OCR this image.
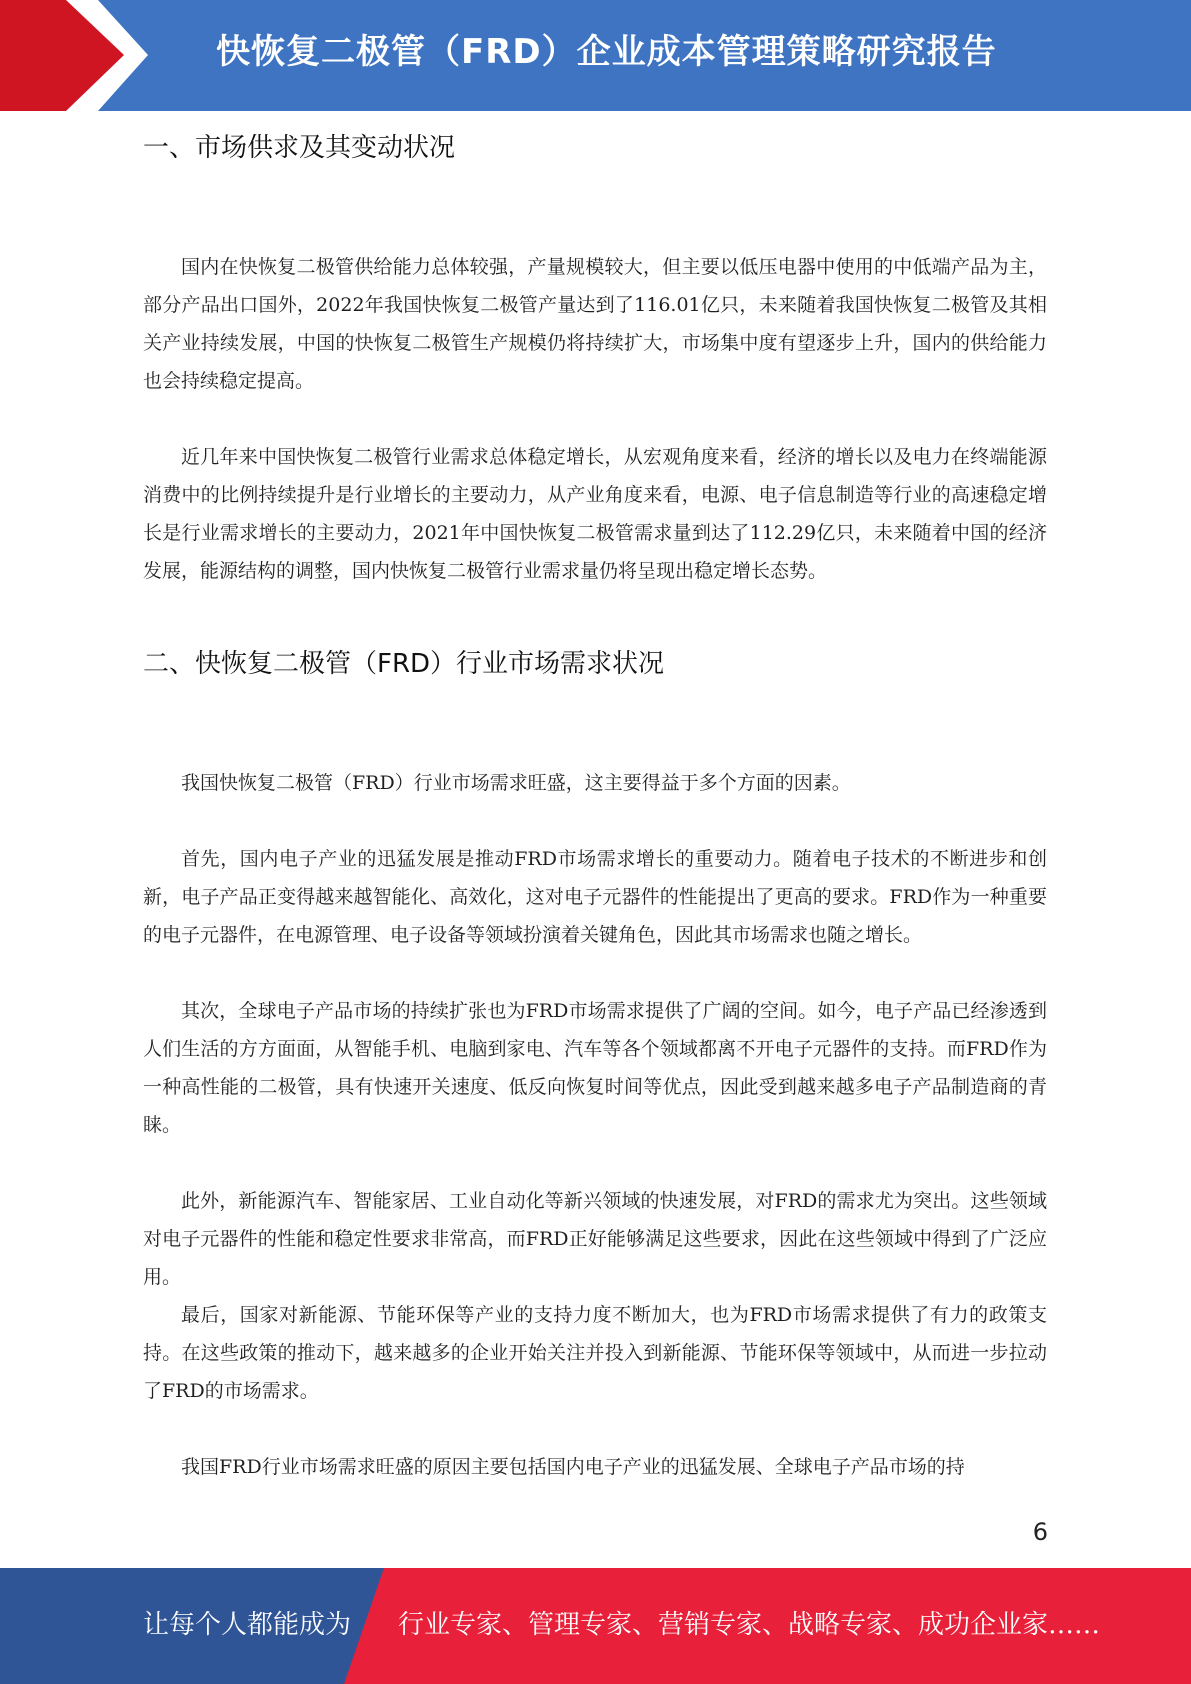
快恢复二极管（FRD）企业成本管理策略研究报告
一、市场供求及其变动状况

国内在快恢复二极管供给能力总体较强，产量规模较大，但主要以低压电器中使用的中低端产品为主，部分产品出口国外，2022年我国快恢复二极管产量达到了116.01亿只，未来随着我国快恢复二极管及其相关产业持续发展，中国的快恢复二极管生产规模仍将持续扩大，市场集中度有望逐步上升，国内的供给能力也会持续稳定提高。

近几年来中国快恢复二极管行业需求总体稳定增长，从宏观角度来看，经济的增长以及电力在终端能源消费中的比例持续提升是行业增长的主要动力，从产业角度来看，电源、电子信息制造等行业的高速稳定增长是行业需求增长的主要动力，2021年中国快恢复二极管需求量到达了112.29亿只，未来随着中国的经济发展，能源结构的调整，国内快恢复二极管行业需求量仍将呈现出稳定增长态势。

二、快恢复二极管（FRD）行业市场需求状况

我国快恢复二极管（FRD）行业市场需求旺盛，这主要得益于多个方面的因素。

首先，国内电子产业的迅猛发展是推动FRD市场需求增长的重要动力。随着电子技术的不断进步和创新，电子产品正变得越来越智能化、高效化，这对电子元器件的性能提出了更高的要求。FRD作为一种重要的电子元器件，在电源管理、电子设备等领域扮演着关键角色，因此其市场需求也随之增长。

其次，全球电子产品市场的持续扩张也为FRD市场需求提供了广阔的空间。如今，电子产品已经渗透到人们生活的方方面面，从智能手机、电脑到家电、汽车等各个领域都离不开电子元器件的支持。而FRD作为一种高性能的二极管，具有快速开关速度、低反向恢复时间等优点，因此受到越来越多电子产品制造商的青睐。

此外，新能源汽车、智能家居、工业自动化等新兴领域的快速发展，对FRD的需求尤为突出。这些领域对电子元器件的性能和稳定性要求非常高，而FRD正好能够满足这些要求，因此在这些领域中得到了广泛应用。

最后，国家对新能源、节能环保等产业的支持力度不断加大，也为FRD市场需求提供了有力的政策支持。在这些政策的推动下，越来越多的企业开始关注并投入到新能源、节能环保等领域中，从而进一步拉动了FRD的市场需求。

我国FRD行业市场需求旺盛的原因主要包括国内电子产业的迅猛发展、全球电子产品市场的持

6
让每个人都能成为 行业专家、管理专家、营销专家、战略专家、成功企业家……
